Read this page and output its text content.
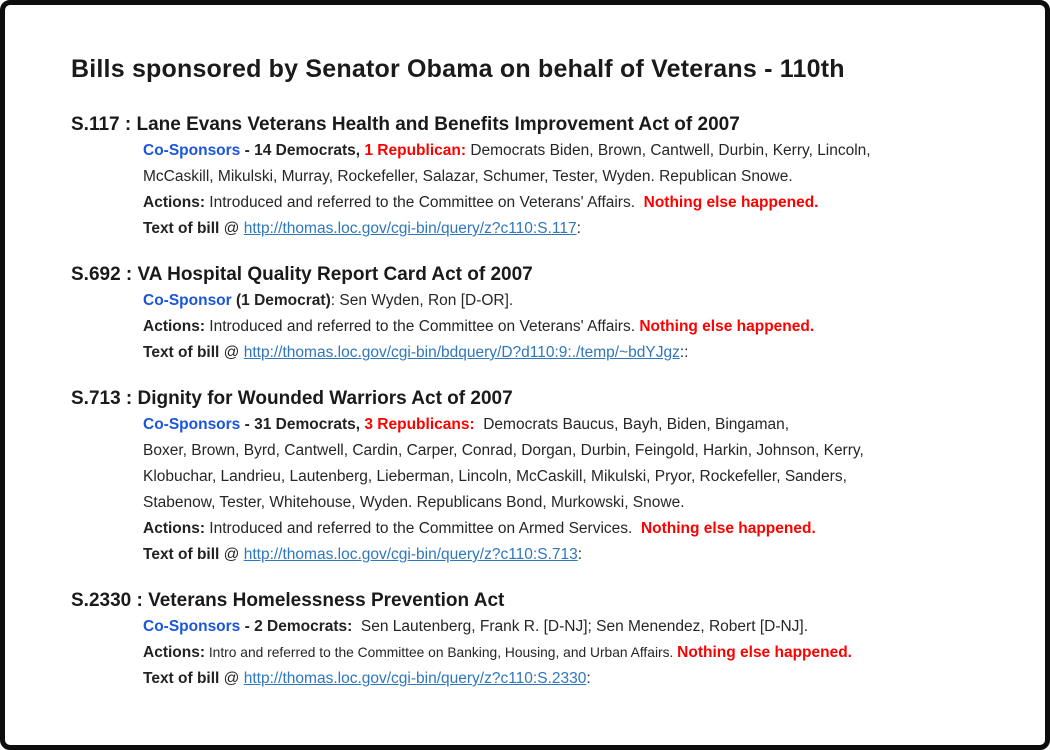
Bills sponsored by Senator Obama on behalf of Veterans - 110th
S.117 : Lane Evans Veterans Health and Benefits Improvement Act of 2007
Co-Sponsors - 14 Democrats, 1 Republican: Democrats Biden, Brown, Cantwell, Durbin, Kerry, Lincoln,
McCaskill, Mikulski, Murray, Rockefeller, Salazar, Schumer, Tester, Wyden. Republican Snowe.
Actions: Introduced and referred to the Committee on Veterans' Affairs.  Nothing else happened.
Text of bill @ http://thomas.loc.gov/cgi-bin/query/z?c110:S.117:
S.692 : VA Hospital Quality Report Card Act of 2007
Co-Sponsor (1 Democrat): Sen Wyden, Ron [D-OR].
Actions: Introduced and referred to the Committee on Veterans' Affairs. Nothing else happened.
Text of bill @ http://thomas.loc.gov/cgi-bin/bdquery/D?d110:9:./temp/~bdYJgz::
S.713 : Dignity for Wounded Warriors Act of 2007
Co-Sponsors - 31 Democrats, 3 Republicans:  Democrats Baucus, Bayh, Biden, Bingaman,
Boxer, Brown, Byrd, Cantwell, Cardin, Carper, Conrad, Dorgan, Durbin, Feingold, Harkin, Johnson, Kerry,
Klobuchar, Landrieu, Lautenberg, Lieberman, Lincoln, McCaskill, Mikulski, Pryor, Rockefeller, Sanders,
Stabenow, Tester, Whitehouse, Wyden. Republicans Bond, Murkowski, Snowe.
Actions: Introduced and referred to the Committee on Armed Services.  Nothing else happened.
Text of bill @ http://thomas.loc.gov/cgi-bin/query/z?c110:S.713:
S.2330 : Veterans Homelessness Prevention Act
Co-Sponsors - 2 Democrats:  Sen Lautenberg, Frank R. [D-NJ]; Sen Menendez, Robert [D-NJ].
Actions: Intro and referred to the Committee on Banking, Housing, and Urban Affairs. Nothing else happened.
Text of bill @ http://thomas.loc.gov/cgi-bin/query/z?c110:S.2330:
